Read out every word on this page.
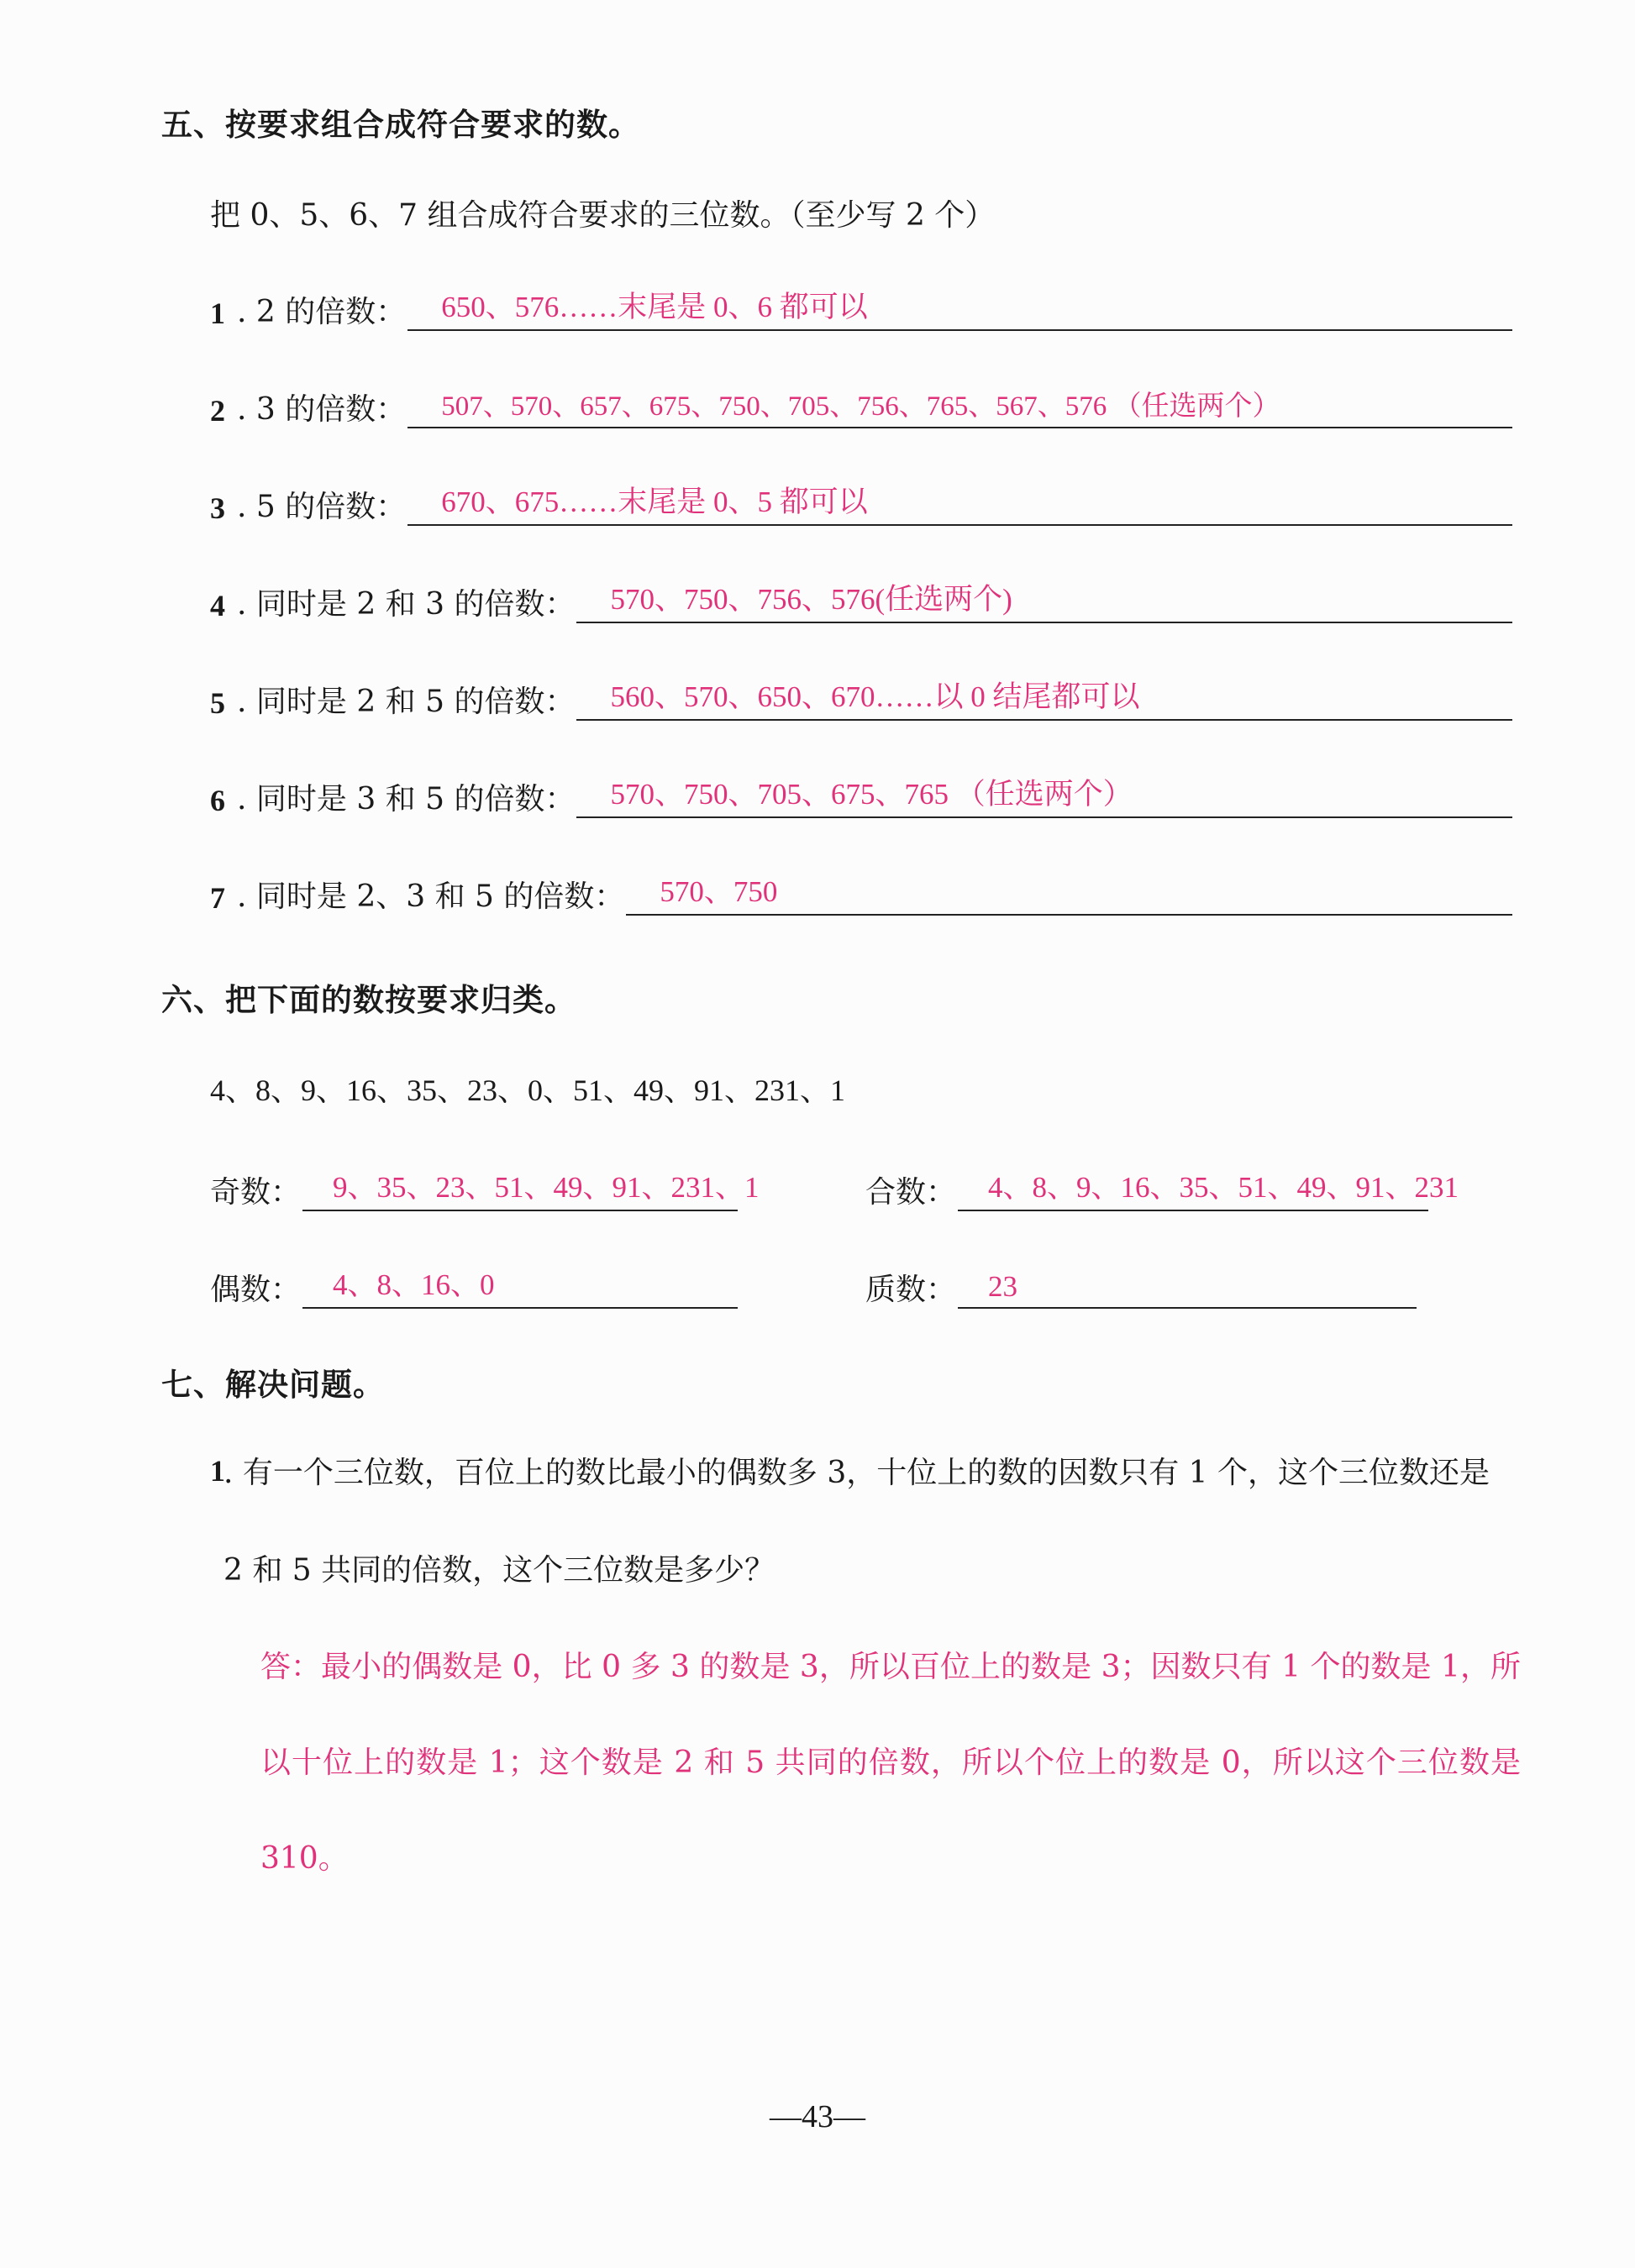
五、按要求组合成符合要求的数。
把 0、5、6、7 组合成符合要求的三位数。（至少写 2 个）
1 . 2 的倍数： 650、576……末尾是 0、6 都可以
2 . 3 的倍数： 507、570、657、675、750、705、756、765、567、576 （任选两个）
3 . 5 的倍数： 670、675……末尾是 0、5 都可以
4 . 同时是 2 和 3 的倍数： 570、750、756、576(任选两个)
5 . 同时是 2 和 5 的倍数： 560、570、650、670……以 0 结尾都可以
6 . 同时是 3 和 5 的倍数： 570、750、705、675、765 （任选两个）
7 . 同时是 2、3 和 5 的倍数： 570、750
六、把下面的数按要求归类。
4、8、9、16、35、23、0、51、49、91、231、1
奇数： 9、35、23、51、49、91、231、1	合数： 4、8、9、16、35、51、49、91、231
偶数： 4、8、16、0	质数： 23
七、解决问题。
1
. 有一个三位数，百位上的数比最小的偶数多 3，十位上的数的因数只有 1 个，这个三位数还是 2 和 5 共同的倍数，这个三位数是多少？
答：最小的偶数是 0，比 0 多 3 的数是 3，所以百位上的数是 3；因数只有 1 个的数是 1，所以十位上的数是 1；这个数是 2 和 5 共同的倍数，所以个位上的数是 0，所以这个三位数是 310。
—43—
